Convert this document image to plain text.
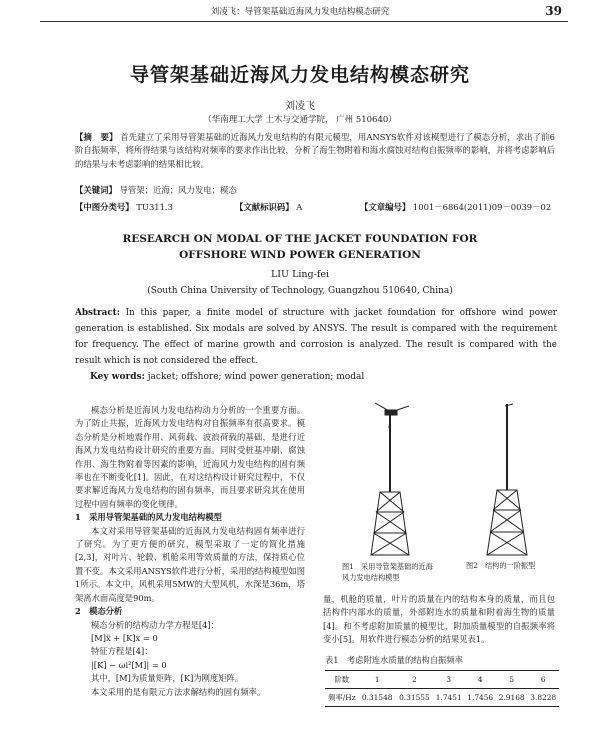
刘凌飞：导管架基础近海风力发电结构模态研究	39
导管架基础近海风力发电结构模态研究
刘凌飞
（华南理工大学 土木与交通学院， 广州 510640）
【摘　要】 首先建立了采用导管架基础的近海风力发电结构的有限元模型，用ANSYS软件对该模型进行了模态分析，求出了前6阶自振频率，将所得结果与该结构对频率的要求作出比较，分析了海生物附着和海水腐蚀对结构自振频率的影响，并将考虑影响后的结果与未考虑影响的结果相比较。
【关键词】 导管架；近海；风力发电；模态
【中图分类号】 TU311.3	【文献标识码】 A	【文章编号】 1001－6864(2011)09－0039－02
RESEARCH ON MODAL OF THE JACKET FOUNDATION FOR
OFFSHORE WIND POWER GENERATION
LIU Ling-fei
(South China University of Technology, Guangzhou 510640, China)
Abstract: In this paper, a finite model of structure with jacket foundation for offshore wind power generation is established. Six modals are solved by ANSYS. The result is compared with the requirement for frequency. The effect of marine growth and corrosion is analyzed. The result is compared with the result which is not considered the effect.
Key words: jacket; offshore; wind power generation; modal

模态分析是近海风力发电结构动力分析的一个重要方面。为了防止共振，近海风力发电结构对自振频率有很高要求。模态分析是分析地震作用、风荷载、波浪荷载的基础，是进行近海风力发电结构设计研究的重要方面。同时受桩基冲刷、腐蚀作用、海生物附着等因素的影响，近海风力发电结构的固有频率也在不断变化[1]。因此，在对这结构设计研究过程中，不仅要求解近海风力发电结构的固有频率，而且要求研究其在使用过程中固有频率的变化规律。

1　采用导管架基础的风力发电结构模型

本文对采用导管架基础的近海风力发电结构固有频率进行了研究。为了更方便的研究，模型采取了一定的简化措施[2,3]，对叶片、轮毂、机舱采用等效质量的方法，保持质心位置不变。本文采用ANSYS软件进行分析，采用的结构模型如图1所示。本文中，风机采用5MW的大型风机，水深是36m，塔架离水面高度是90m。

2　模态分析

模态分析的结构动力学方程是[4]：

[M]ẍ + [K]x = 0

特征方程是[4]：

|[K] − ωi²[M]| = 0

其中，[M]为质量矩阵，[K]为刚度矩阵。

本文采用的是有限元方法求解结构的固有频率。

图1　采用导管架基础的近海风力发电结构模型
图2　结构的一阶振型
量，机舱的质量，叶片的质量在内的结构本身的质量，而且包括构件内部水的质量，外部附连水的质量和附着海生物的质量[4]。和不考虑附加质量的模型比，附加质量模型的自振频率将变小[5]。用软件进行模态分析的结果见表1。
表1　考虑附连水质量的结构自振频率
阶数	1	2	3	4	5	6
频率/Hz	0.31548	0.31555	1.7451	1.7456	2.9168	3.8228
